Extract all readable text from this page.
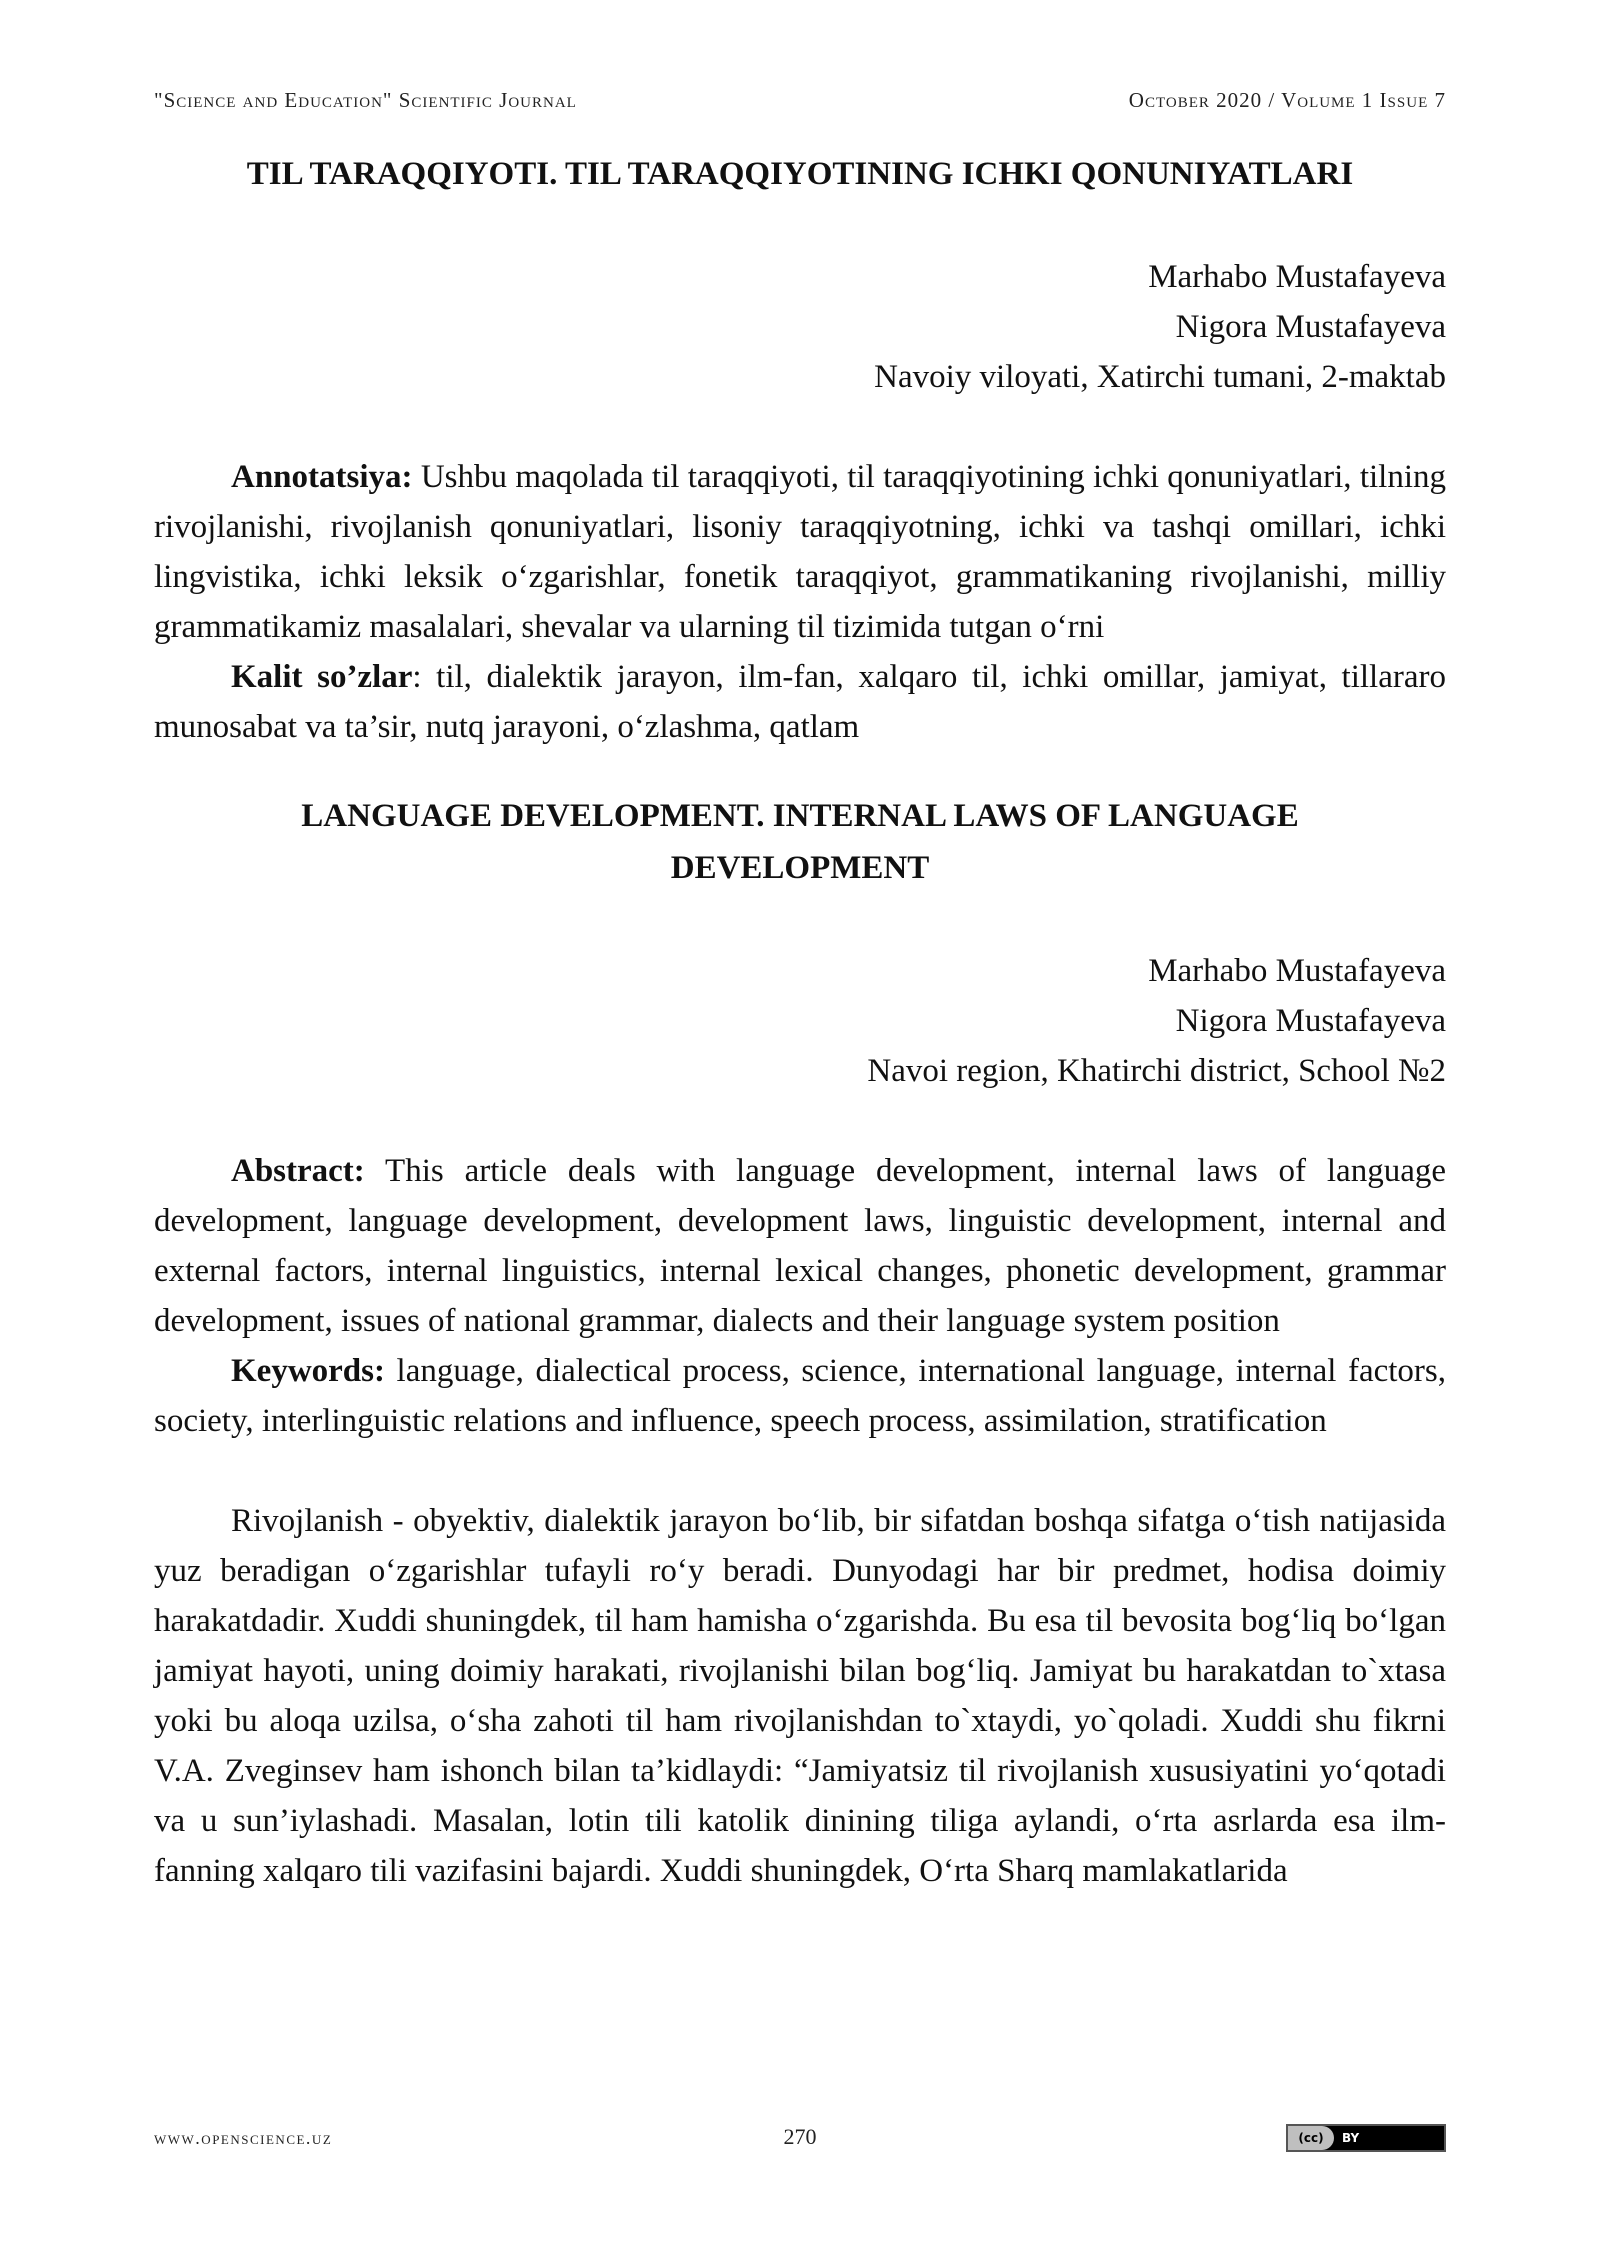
"Science and Education" Scientific Journal	October 2020 / Volume 1 Issue 7
TIL TARAQQIYOTI. TIL TARAQQIYOTINING ICHKI QONUNIYATLARI
Marhabo Mustafayeva
Nigora Mustafayeva
Navoiy viloyati, Xatirchi tumani, 2-maktab

Annotatsiya: Ushbu maqolada til taraqqiyoti, til taraqqiyotining ichki qonuniyatlari, tilning rivojlanishi, rivojlanish qonuniyatlari, lisoniy taraqqiyotning, ichki va tashqi omillari, ichki lingvistika, ichki leksik o‘zgarishlar, fonetik taraqqiyot, grammatikaning rivojlanishi, milliy grammatikamiz masalalari, shevalar va ularning til tizimida tutgan o‘rni

Kalit so’zlar: til, dialektik jarayon, ilm-fan, xalqaro til, ichki omillar, jamiyat, tillararo munosabat va ta’sir, nutq jarayoni, o‘zlashma, qatlam

LANGUAGE DEVELOPMENT. INTERNAL LAWS OF LANGUAGE DEVELOPMENT
Marhabo Mustafayeva
Nigora Mustafayeva
Navoi region, Khatirchi district, School №2

Abstract: This article deals with language development, internal laws of language development, language development, development laws, linguistic development, internal and external factors, internal linguistics, internal lexical changes, phonetic development, grammar development, issues of national grammar, dialects and their language system position

Keywords: language, dialectical process, science, international language, internal factors, society, interlinguistic relations and influence, speech process, assimilation, stratification

Rivojlanish - obyektiv, dialektik jarayon bo‘lib, bir sifatdan boshqa sifatga o‘tish natijasida yuz beradigan o‘zgarishlar tufayli ro‘y beradi. Dunyodagi har bir predmet, hodisa doimiy harakatdadir. Xuddi shuningdek, til ham hamisha o‘zgarishda. Bu esa til bevosita bog‘liq bo‘lgan jamiyat hayoti, uning doimiy harakati, rivojlanishi bilan bog‘liq. Jamiyat bu harakatdan to`xtasa yoki bu aloqa uzilsa, o‘sha zahoti til ham rivojlanishdan to`xtaydi, yo`qoladi. Xuddi shu fikrni V.A. Zveginsev ham ishonch bilan ta’kidlaydi: “Jamiyatsiz til rivojlanish xususiyatini yo‘qotadi va u sun’iylashadi. Masalan, lotin tili katolik dinining tiliga aylandi, o‘rta asrlarda esa ilm-fanning xalqaro tili vazifasini bajardi. Xuddi shuningdek, O‘rta Sharq mamlakatlarida

www.openscience.uz	270	(cc)	BY
